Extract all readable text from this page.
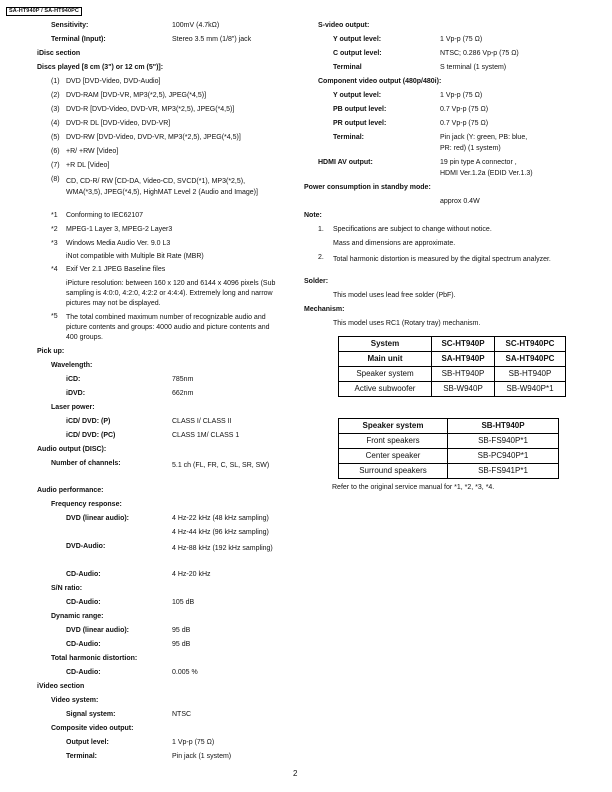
SA-HT940P / SA-HT940PC
Sensitivity:	100mV (4.7kΩ)
Terminal (Input):	Stereo 3.5 mm (1/8") jack
iDisc section
Discs played [8 cm (3") or 12 cm (5")]:
(1) DVD [DVD-Video, DVD-Audio]
(2) DVD-RAM [DVD-VR, MP3(*2,5), JPEG(*4,5)]
(3) DVD-R [DVD-Video, DVD-VR, MP3(*2,5), JPEG(*4,5)]
(4) DVD-R DL [DVD-Video, DVD-VR]
(5) DVD-RW [DVD-Video, DVD-VR, MP3(*2,5), JPEG(*4,5)]
(6) +R/ +RW [Video]
(7) +R DL [Video]
(8) CD, CD-R/ RW [CD-DA, Video-CD, SVCD(*1), MP3(*2,5), WMA(*3,5), JPEG(*4,5), HighMAT Level 2 (Audio and Image)]
*1 Conforming to IEC62107
*2 MPEG-1 Layer 3, MPEG-2 Layer3
*3 Windows Media Audio Ver. 9.0 L3
iNot compatible with Multiple Bit Rate (MBR)
*4 Exif Ver 2.1 JPEG Baseline files
iPicture resolution: between 160 x 120 and 6144 x 4096 pixels (Sub sampling is 4:0:0, 4:2:0, 4:2:2 or 4:4:4). Extremely long and narrow pictures may not be displayed.
*5 The total combined maximum number of recognizable audio and picture contents and groups: 4000 audio and picture contents and 400 groups.
Pick up:
Wavelength:
iCD:	785nm
iDVD:	662nm
Laser power:
iCD/ DVD: (P)	CLASS I/ CLASS II
iCD/ DVD: (PC)	CLASS 1M/ CLASS 1
Audio output (DISC):
Number of channels:	5.1 ch (FL, FR, C, SL, SR, SW)
Audio performance:
Frequency response:
DVD (linear audio):	4 Hz-22 kHz (48 kHz sampling)
4 Hz-44 kHz (96 kHz sampling)
DVD-Audio:	4 Hz-88 kHz (192 kHz sampling)
CD-Audio:	4 Hz-20 kHz
S/N ratio:
CD-Audio:	105 dB
Dynamic range:
DVD (linear audio):	95 dB
CD-Audio:	95 dB
Total harmonic distortion:
CD-Audio:	0.005 %
iVideo section
Video system:
Signal system:	NTSC
Composite video output:
Output level:	1 Vp-p (75 Ω)
Terminal:	Pin jack (1 system)
S-video output:
Y output level:	1 Vp-p (75 Ω)
C output level:	NTSC; 0.286 Vp-p (75 Ω)
Terminal	S terminal (1 system)
Component video output (480p/480i):
Y output level:	1 Vp-p (75 Ω)
PB output level:	0.7 Vp-p (75 Ω)
PR output level:	0.7 Vp-p (75 Ω)
Terminal:	Pin jack (Y: green, PB: blue,
PR: red) (1 system)
HDMI AV output:	19 pin type A connector ,
HDMI Ver.1.2a (EDID Ver.1.3)
Power consumption in standby mode:
approx 0.4W
Note:
1. Specifications are subject to change without notice.
Mass and dimensions are approximate.
2. Total harmonic distortion is measured by the digital spectrum analyzer.
Solder:
This model uses lead free solder (PbF).
Mechanism:
This model uses RC1 (Rotary tray) mechanism.
System	SC-HT940P	SC-HT940PC
Main unit	SA-HT940P	SA-HT940PC
Speaker system	SB-HT940P	SB-HT940P
Active subwoofer	SB-W940P	SB-W940P*1
Speaker system	SB-HT940P
Front speakers	SB-FS940P*1
Center speaker	SB-PC940P*1
Surround speakers	SB-FS941P*1
Refer to the original service manual for *1, *2, *3, *4.
2
